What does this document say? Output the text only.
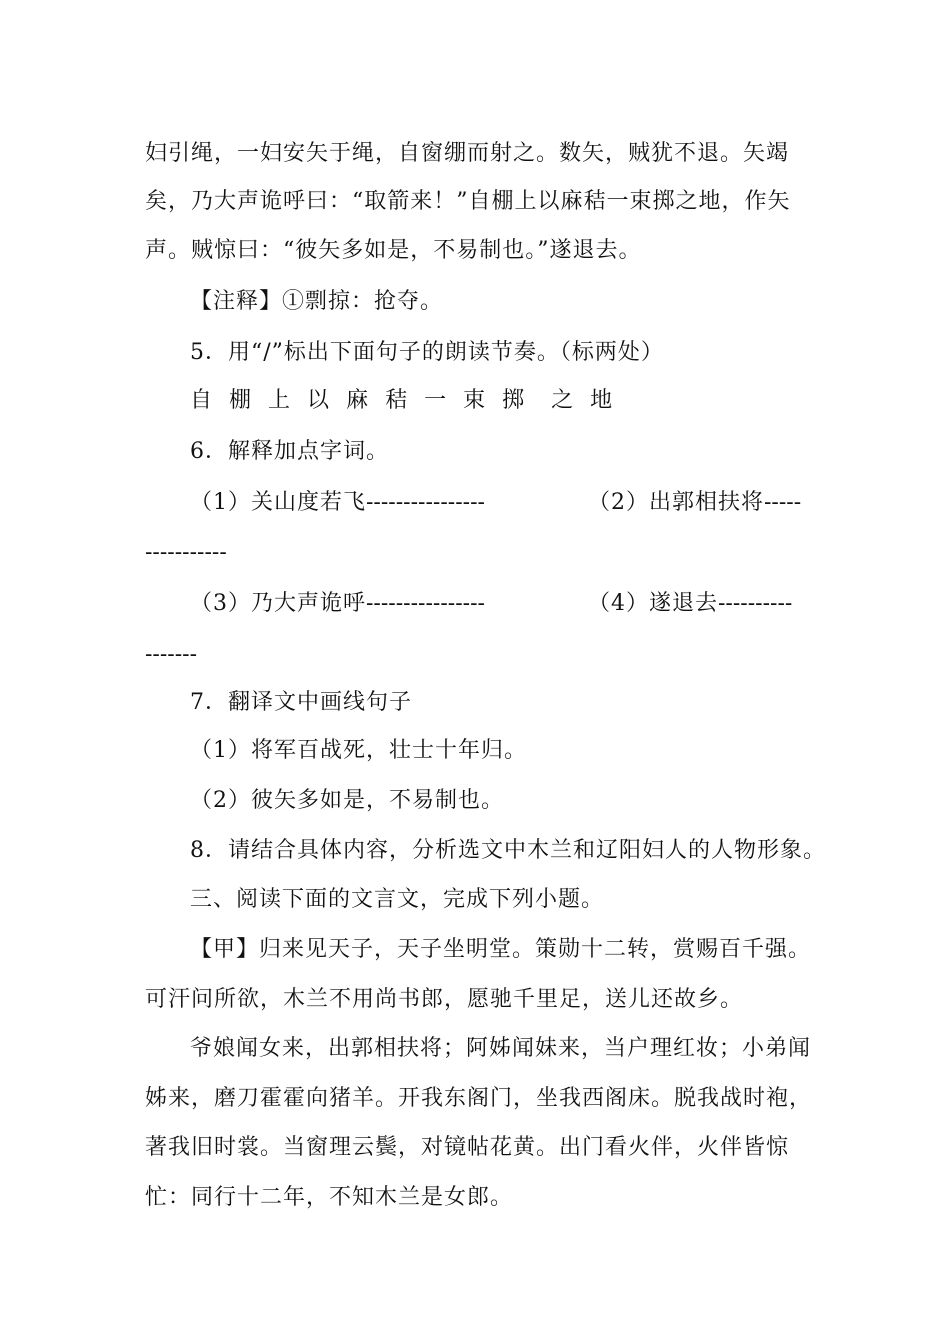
妇引绳，一妇安矢于绳，自窗绷而射之。数矢，贼犹不退。矢竭
矣，乃大声诡呼曰：“取箭来！”自棚上以麻秸一束掷之地，作矢
声。贼惊曰：“彼矢多如是，不易制也。”遂退去。
【注释】①剽掠：抢夺。
5．用“/”标出下面句子的朗读节奏。（标两处）
自 棚 上 以 麻 秸 一 束 掷 之 地
6．解释加点字词。
（1）关山度若飞----------------	（2）出郭相扶将-----
-----------
（3）乃大声诡呼----------------	（4）遂退去----------
-------
7．翻译文中画线句子
（1）将军百战死，壮士十年归。
（2）彼矢多如是，不易制也。
8．请结合具体内容，分析选文中木兰和辽阳妇人的人物形象。
三、阅读下面的文言文，完成下列小题。
【甲】归来见天子，天子坐明堂。策勋十二转，赏赐百千强。
可汗问所欲，木兰不用尚书郎，愿驰千里足，送儿还故乡。
爷娘闻女来，出郭相扶将；阿姊闻妹来，当户理红妆；小弟闻
姊来，磨刀霍霍向猪羊。开我东阁门，坐我西阁床。脱我战时袍，
著我旧时裳。当窗理云鬓，对镜帖花黄。出门看火伴，火伴皆惊
忙：同行十二年，不知木兰是女郎。
